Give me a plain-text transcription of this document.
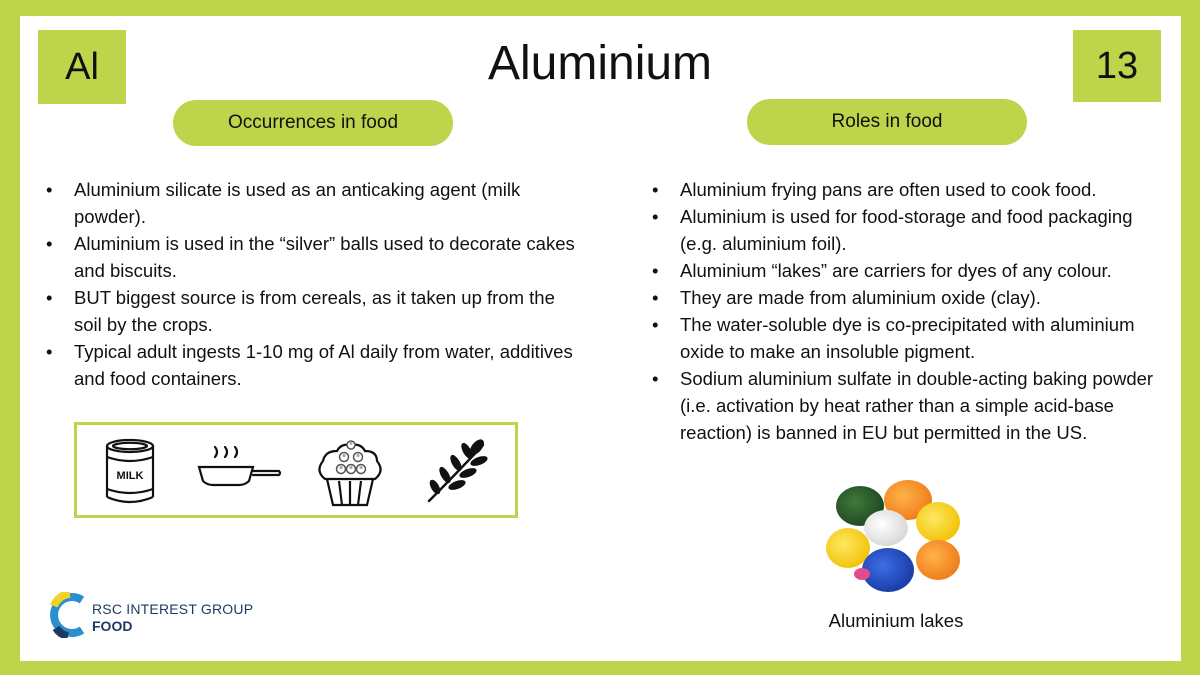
Al	Aluminium	13
Occurrences in food	Roles in food
• Aluminium silicate is used as an anticaking agent (milk powder).
• Aluminium is used in the “silver” balls used to decorate cakes and biscuits.
• BUT biggest source is from cereals, as it taken up from the soil by the crops.
• Typical adult ingests 1-10 mg of Al daily from water, additives and food containers.
• Aluminium frying pans are often used to cook food.
• Aluminium is used for food-storage and food packaging (e.g. aluminium foil).
• Aluminium “lakes” are carriers for dyes of any colour.
• They are made from aluminium oxide (clay).
• The water-soluble dye is co-precipitated with aluminium oxide to make an insoluble pigment.
• Sodium aluminium sulfate in double-acting baking powder (i.e. activation by heat rather than a simple acid-base reaction) is banned in EU but permitted in the US.
MILK
Aluminium lakes
RSC INTEREST GROUP
FOOD
